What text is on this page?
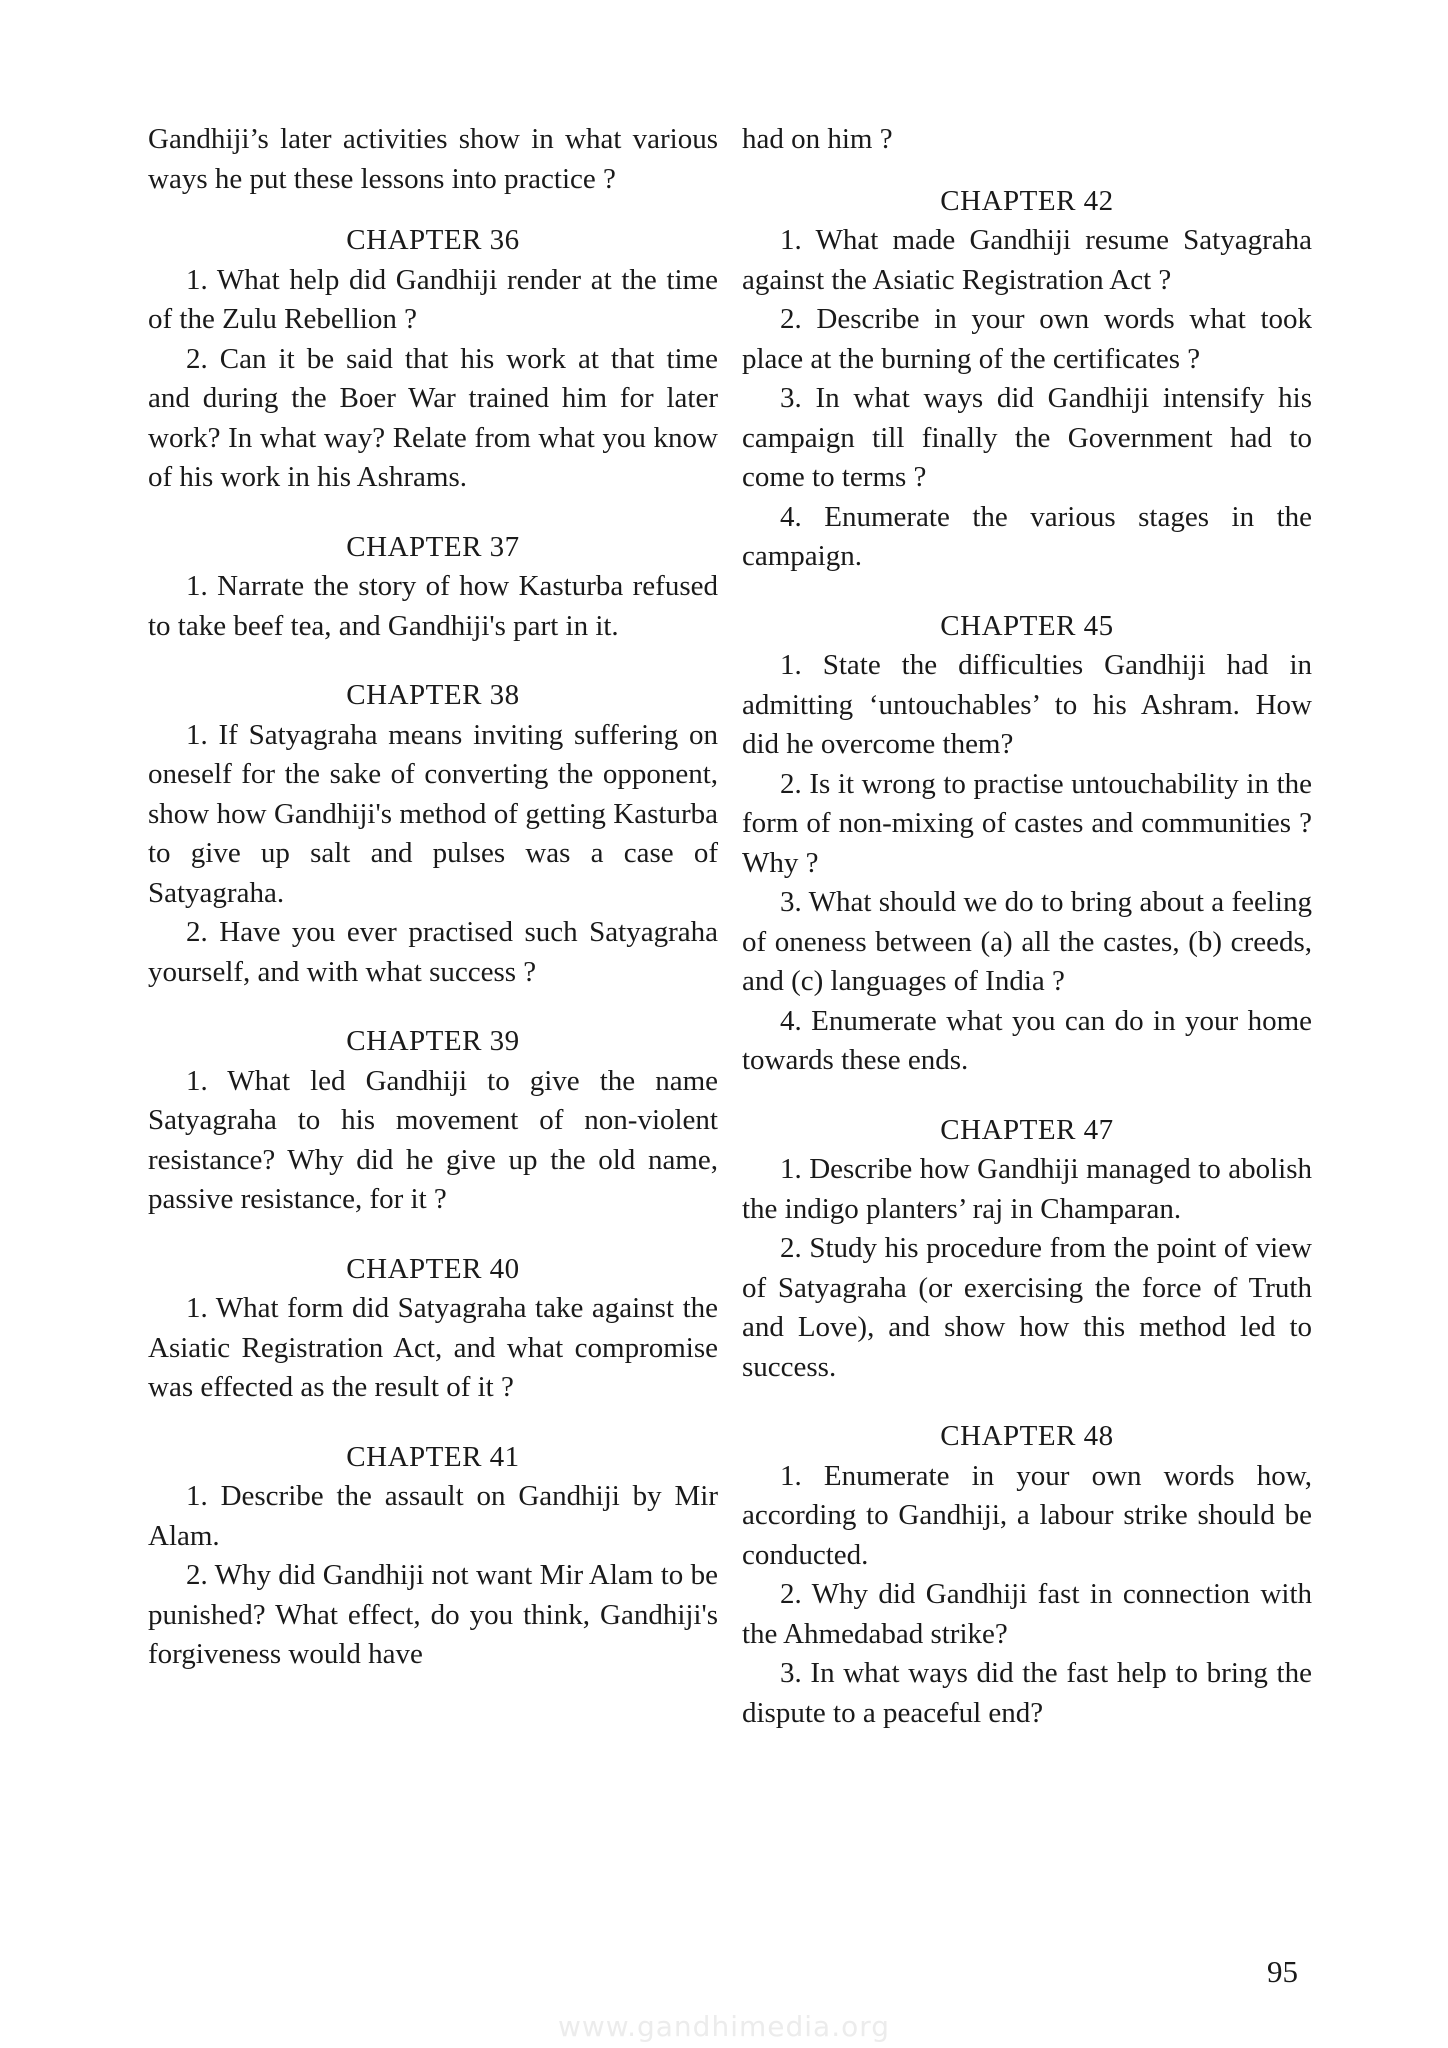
Gandhiji’s later activities show in what various ways he put these lessons into practice ?

CHAPTER 36

1. What help did Gandhiji render at the time of the Zulu Rebellion ?

2. Can it be said that his work at that time and during the Boer War trained him for later work? In what way? Relate from what you know of his work in his Ashrams.

CHAPTER 37

1. Narrate the story of how Kasturba refused to take beef tea, and Gandhiji's part in it.

CHAPTER 38

1. If Satyagraha means inviting suffering on oneself for the sake of converting the opponent, show how Gandhiji's method of getting Kasturba to give up salt and pulses was a case of Satyagraha.

2. Have you ever practised such Satyagraha yourself, and with what success ?

CHAPTER 39

1. What led Gandhiji to give the name Satyagraha to his movement of non-violent resistance? Why did he give up the old name, passive resistance, for it ?

CHAPTER 40

1. What form did Satyagraha take against the Asiatic Registration Act, and what compromise was effected as the result of it ?

CHAPTER 41

1. Describe the assault on Gandhiji by Mir Alam.

2. Why did Gandhiji not want Mir Alam to be punished? What effect, do you think, Gandhiji's forgiveness would have

had on him ?

CHAPTER 42

1. What made Gandhiji resume Satyagraha against the Asiatic Registration Act ?

2. Describe in your own words what took place at the burning of the certificates ?

3. In what ways did Gandhiji intensify his campaign till finally the Government had to come to terms ?

4. Enumerate the various stages in the campaign.

CHAPTER 45

1. State the difficulties Gandhiji had in admitting ‘untouchables’ to his Ashram. How did he overcome them?

2. Is it wrong to practise untouchability in the form of non-mixing of castes and communities ? Why ?

3. What should we do to bring about a feeling of oneness between (a) all the castes, (b) creeds, and (c) languages of India ?

4. Enumerate what you can do in your home towards these ends.

CHAPTER 47

1. Describe how Gandhiji managed to abolish the indigo planters’ raj in Champaran.

2. Study his procedure from the point of view of Satyagraha (or exercising the force of Truth and Love), and show how this method led to success.

CHAPTER 48

1. Enumerate in your own words how, according to Gandhiji, a labour strike should be conducted.

2. Why did Gandhiji fast in connection with the Ahmedabad strike?

3. In what ways did the fast help to bring the dispute to a peaceful end?

95
www.gandhimedia.org
